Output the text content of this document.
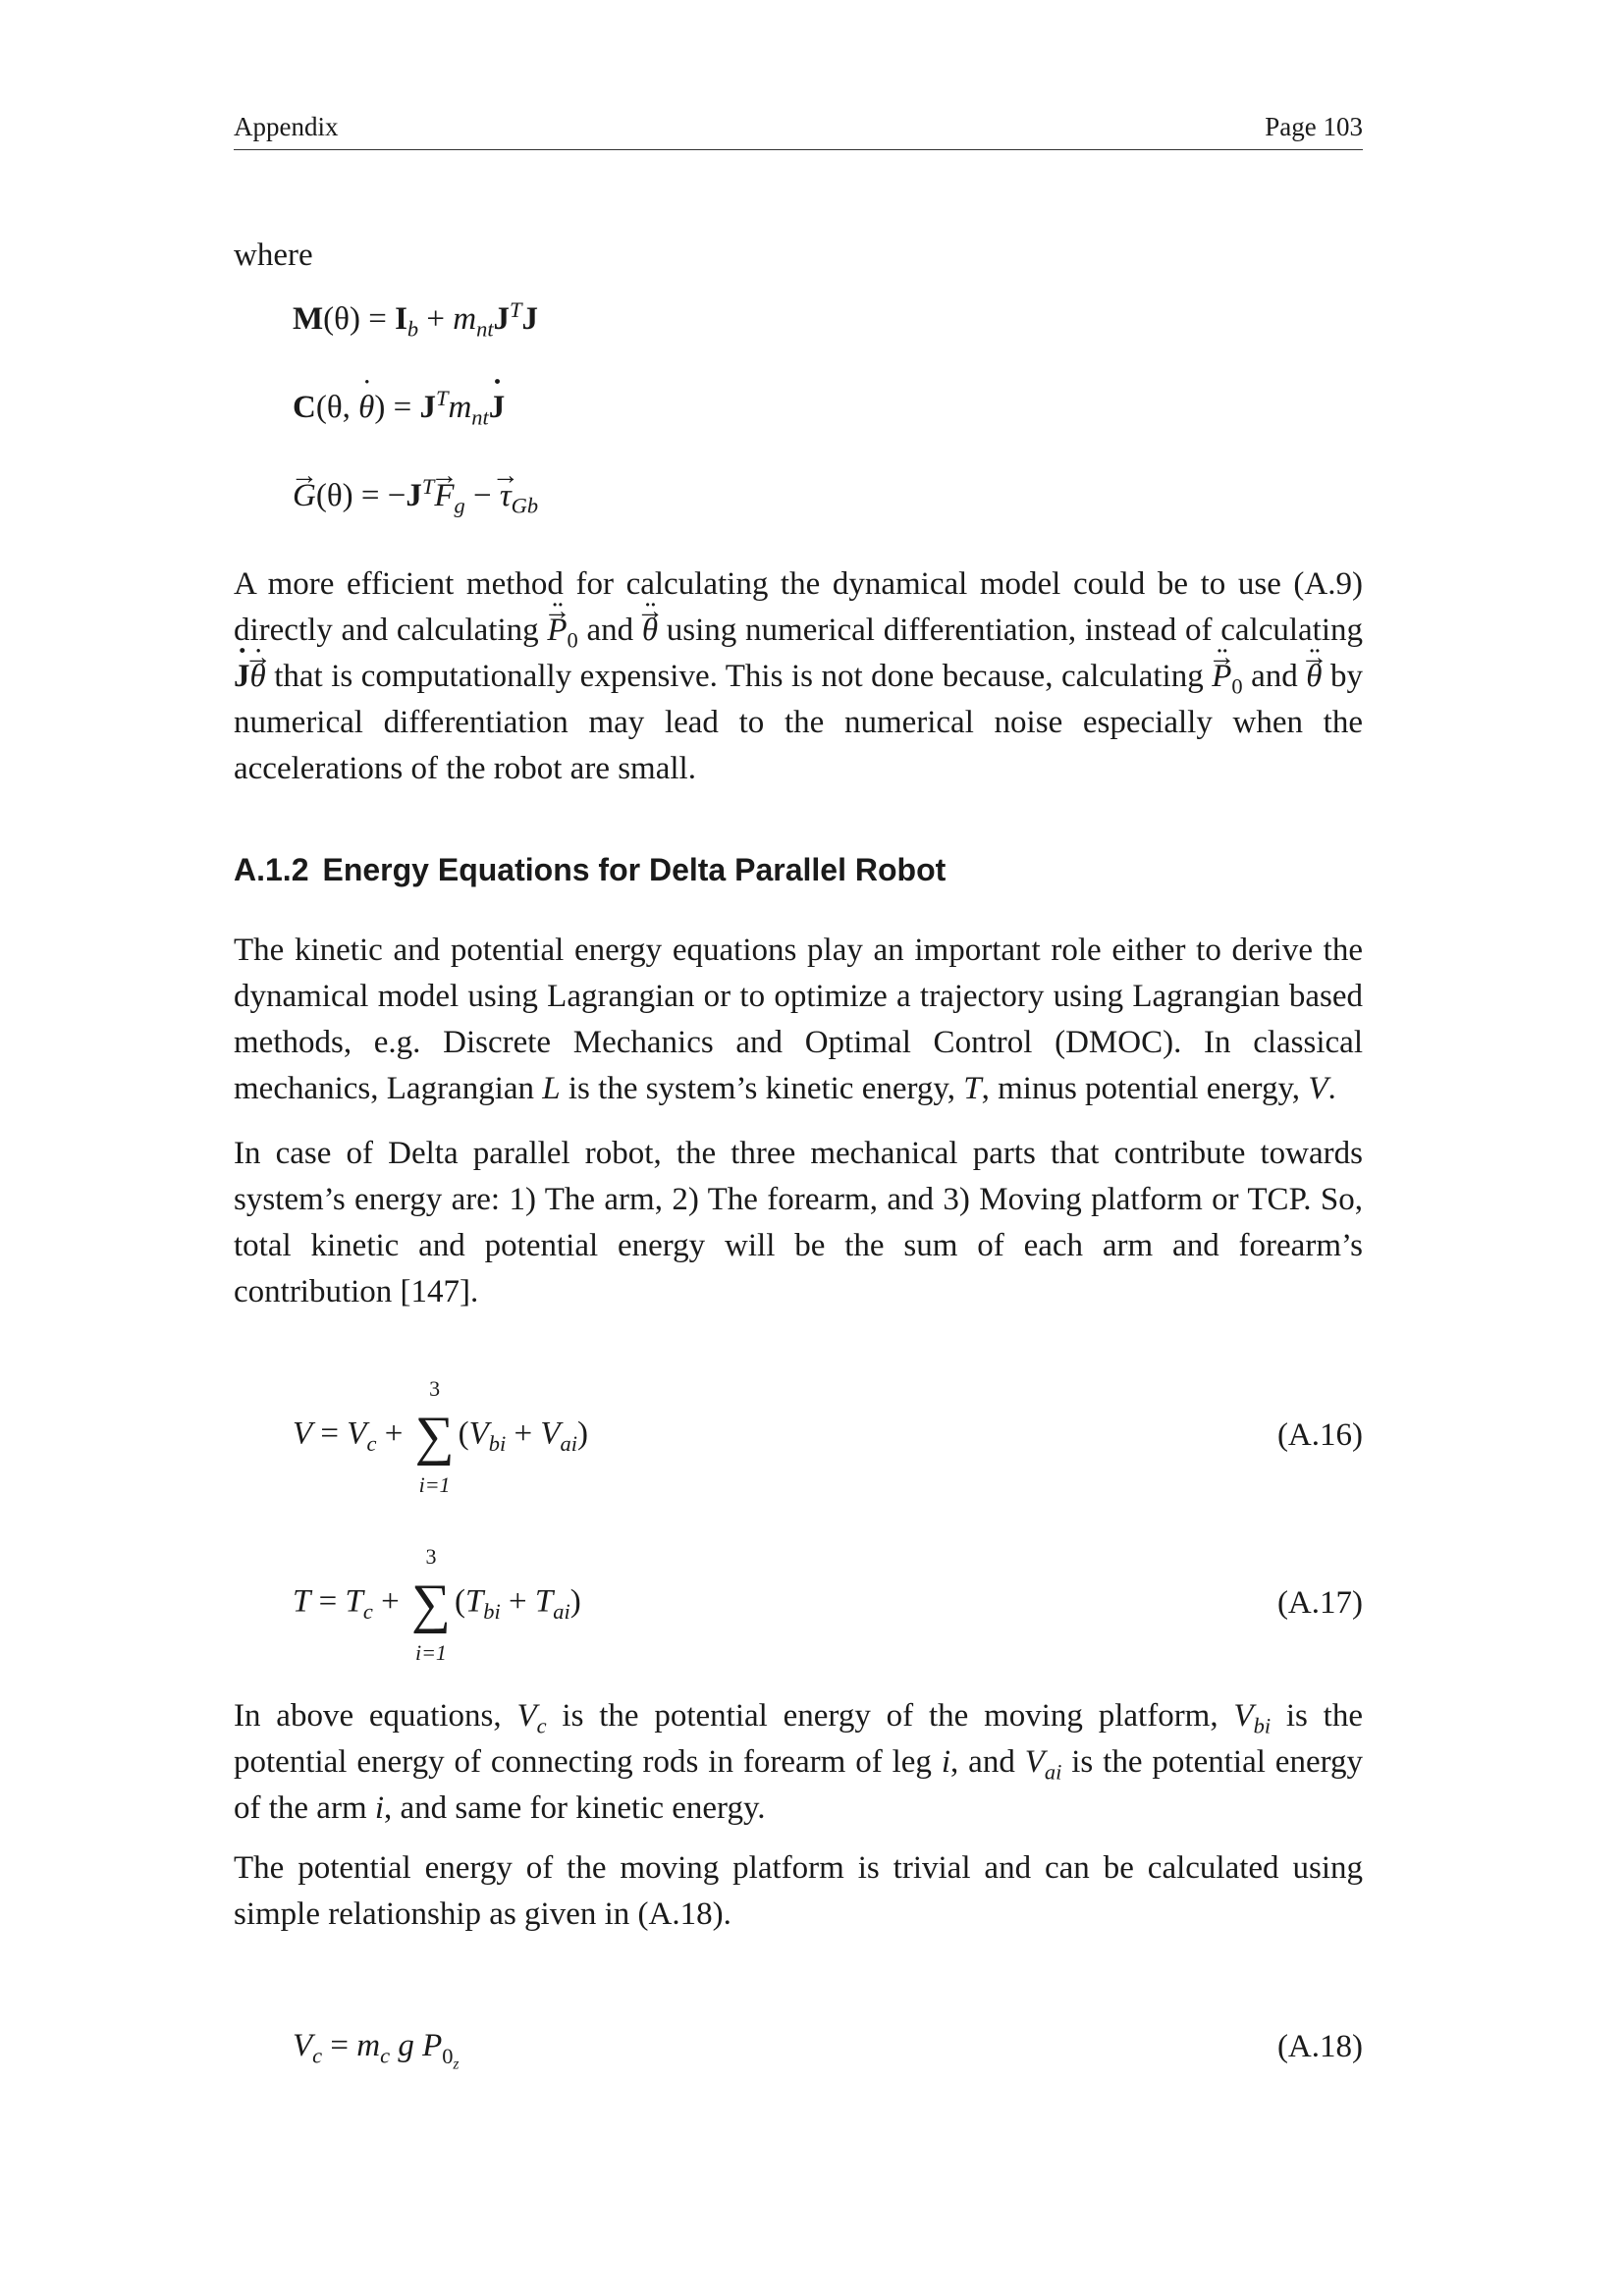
Appendix	Page 103
where
$M(\theta) = I_b + m_{nt}J^TJ$
C(θ, θ ˙) = $J^Tm_{nt}J$ ˙
→ $G(\theta) = -J^T\to F_g$ − → $\tau_{Gb}$
A more efficient method for calculating the dynamical model could be to use (A.9) directly and calculating → P $¨_0$ and → θ ¨ using numerical differentiation, instead of calculating J ˙→ θ ˙ that is computationally expensive. This is not done because, calculating → P $¨_0$ and → θ ¨ by numerical differentiation may lead to the numerical noise especially when the accelerations of the robot are small.
A.1.2 Energy Equations for Delta Parallel Robot
The kinetic and potential energy equations play an important role either to derive the dynamical model using Lagrangian or to optimize a trajectory using Lagrangian based methods, e.g. Discrete Mechanics and Optimal Control (DMOC). In classical mechanics, Lagrangian L is the system’s kinetic energy, T, minus potential energy, V.
In case of Delta parallel robot, the three mechanical parts that contribute towards system’s energy are: 1) The arm, 2) The forearm, and 3) Moving platform or TCP. So, total kinetic and potential energy will be the sum of each arm and forearm’s contribution [147].
$V = V_c$ +
3
∑
i=1
$(V_{bi} + V_{ai})$	(A.16)
$T = T_c$ +
3
∑
i=1
$(T_{bi} + T_{ai})$	(A.17)
In above equations, $V_c$ is the potential energy of the moving platform, $V_{bi}$ is the potential energy of connecting rods in forearm of leg i, and $V_{ai}$ is the potential energy of the arm i, and same for kinetic energy.
The potential energy of the moving platform is trivial and can be calculated using simple relationship as given in (A.18).
$V_c = m_c$ g $P_{0_z}$	(A.18)
